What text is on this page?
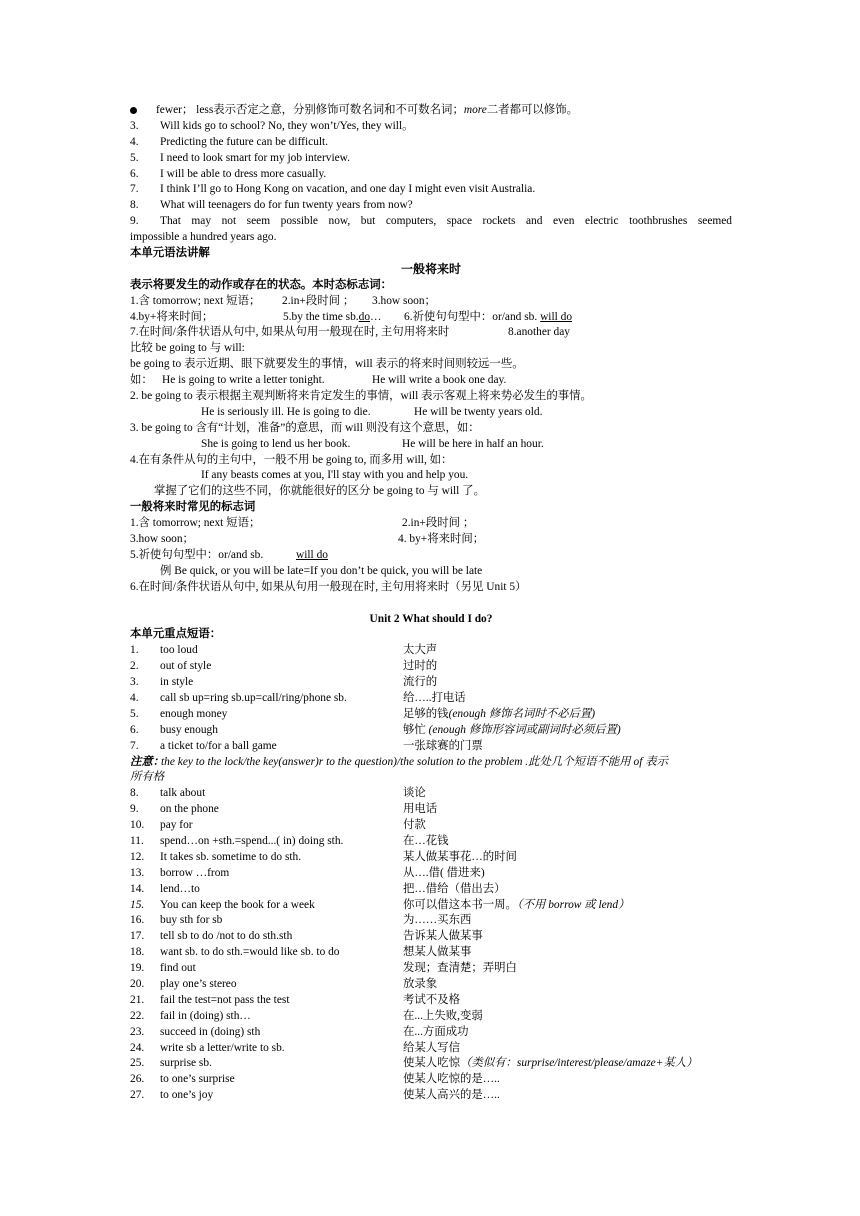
fewer； less表示否定之意，分别修饰可数名词和不可数名词；more二者都可以修饰。
3. Will kids go to school? No, they won’t/Yes, they will。
4. Predicting the future can be difficult.
5. I need to look smart for my job interview.
6. I will be able to dress more casually.
7. I think I’ll go to Hong Kong on vacation, and one day I might even visit Australia.
8. What will teenagers do for fun twenty years from now?
9. That may not seem possible now, but computers, space rockets and even electric toothbrushes seemed
impossible a hundred years ago.
本单元语法讲解
一般将来时
表示将要发生的动作或存在的状态。本时态标志词：
1.含 tomorrow; next 短语； 2.in+段时间 ； 3.how soon；
4.by+将来时间；	5.by the time sb.do… 6.祈使句句型中：or/and sb. will do
7.在时间/条件状语从句中, 如果从句用一般现在时, 主句用将来时	8.another day
比较 be going to 与 will:
be going to 表示近期、眼下就要发生的事情，will 表示的将来时间则较远一些。
如： He is going to write a letter tonight.	He will write a book one day.
2. be going to 表示根据主观判断将来肯定发生的事情，will 表示客观上将来势必发生的事情。
He is seriously ill. He is going to die.	He will be twenty years old.
3. be going to 含有“计划，准备”的意思，而 will 则没有这个意思，如：
She is going to lend us her book.	He will be here in half an hour.
4.在有条件从句的主句中，一般不用 be going to, 而多用 will, 如：
If any beasts comes at you, I'll stay with you and help you.
掌握了它们的这些不同，你就能很好的区分 be going to 与 will 了。
一般将来时常见的标志词
1.含 tomorrow; next 短语；	2.in+段时间 ；
3.how soon；	4. by+将来时间；
5.祈使句句型中：or/and sb.	will do
例 Be quick, or you will be late=If you don’t be quick, you will be late
6.在时间/条件状语从句中, 如果从句用一般现在时, 主句用将来时（另见 Unit 5）
Unit 2 What should I do?
本单元重点短语：
1. too loud	太大声
2. out of style	过时的
3. in style	流行的
4. call sb up=ring sb.up=call/ring/phone sb.	给…..打电话
5. enough money	足够的钱(enough 修饰名词时不必后置)
6. busy enough	够忙 (enough 修饰形容词或副词时必须后置)
7. a ticket to/for a ball game	一张球赛的门票
注意：
the key to the lock/the key(answer)r to the question)/the solution to the problem .此处几个短语不能用 of 表示
所有格
8. talk about	谈论
9. on the phone	用电话
10. pay for	付款
11. spend…on +sth.=spend...( in) doing sth.	在…花钱
12. It takes sb. sometime to do sth.	某人做某事花…的时间
13. borrow …from	从….借( 借进来)
14. lend…to	把…借给（借出去）
15. You can keep the book for a week	你可以借这本书一周。（不用 borrow 或 lend）
16. buy sth for sb	为……买东西
17. tell sb to do /not to do sth.sth	告诉某人做某事
18. want sb. to do sth.=would like sb. to do	想某人做某事
19. find out	发现；查清楚；弄明白
20. play one’s stereo	放录象
21. fail the test=not pass the test	考试不及格
22. fail in (doing) sth…	在...上失败,变弱
23. succeed in (doing) sth	在...方面成功
24. write sb a letter/write to sb.	给某人写信
25. surprise sb.	使某人吃惊（类似有：surprise/interest/please/amaze+某人）
26. to one’s surprise	使某人吃惊的是…..
27. to one’s joy	使某人高兴的是…..
